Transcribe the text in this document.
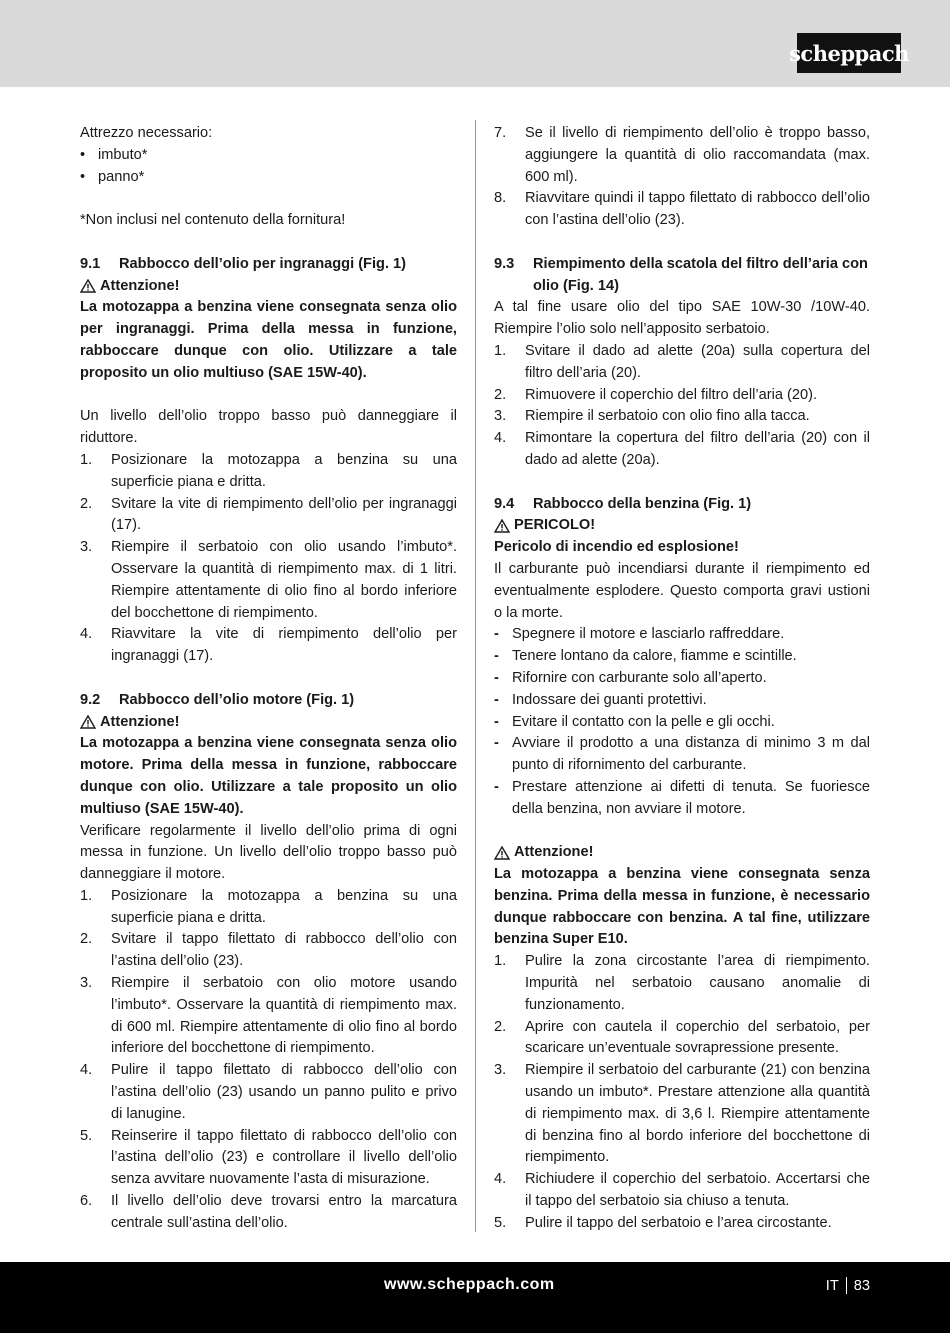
scheppach
Attrezzo necessario:
• imbuto*
• panno*
*Non inclusi nel contenuto della fornitura!
9.1	Rabbocco dell’olio per ingranaggi (Fig. 1)
Attenzione!
La motozappa a benzina viene consegnata senza olio per ingranaggi. Prima della messa in funzione, rabboccare dunque con olio. Utilizzare a tale proposito un olio multiuso (SAE 15W-40).
Un livello dell’olio troppo basso può danneggiare il riduttore.
1.	Posizionare la motozappa a benzina su una superficie piana e dritta.
2.	Svitare la vite di riempimento dell’olio per ingranaggi (17).
3.	Riempire il serbatoio con olio usando l’imbuto*. Osservare la quantità di riempimento max. di 1 litri. Riempire attentamente di olio fino al bordo inferiore del bocchettone di riempimento.
4.	Riavvitare la vite di riempimento dell’olio per ingranaggi (17).
9.2	Rabbocco dell’olio motore (Fig. 1)
Attenzione!
La motozappa a benzina viene consegnata senza olio motore. Prima della messa in funzione, rabboccare dunque con olio. Utilizzare a tale proposito un olio multiuso (SAE 15W-40).
Verificare regolarmente il livello dell’olio prima di ogni messa in funzione. Un livello dell’olio troppo basso può danneggiare il motore.
1.	Posizionare la motozappa a benzina su una superficie piana e dritta.
2.	Svitare il tappo filettato di rabbocco dell’olio con l’astina dell’olio (23).
3.	Riempire il serbatoio con olio motore usando l’imbuto*. Osservare la quantità di riempimento max. di 600 ml. Riempire attentamente di olio fino al bordo inferiore del bocchettone di riempimento.
4.	Pulire il tappo filettato di rabbocco dell’olio con l’astina dell’olio (23) usando un panno pulito e privo di lanugine.
5.	Reinserire il tappo filettato di rabbocco dell’olio con l’astina dell’olio (23) e controllare il livello dell’olio senza avvitare nuovamente l’asta di misurazione.
6.	Il livello dell’olio deve trovarsi entro la marcatura centrale sull’astina dell’olio.
7.	Se il livello di riempimento dell’olio è troppo basso, aggiungere la quantità di olio raccomandata (max. 600 ml).
8.	Riavvitare quindi il tappo filettato di rabbocco dell’olio con l’astina dell’olio (23).
9.3	Riempimento della scatola del filtro dell’aria con olio (Fig. 14)
A tal fine usare olio del tipo SAE 10W-30 /10W-40. Riempire l’olio solo nell’apposito serbatoio.
1.	Svitare il dado ad alette (20a) sulla copertura del filtro dell’aria (20).
2.	Rimuovere il coperchio del filtro dell’aria (20).
3.	Riempire il serbatoio con olio fino alla tacca.
4.	Rimontare la copertura del filtro dell’aria (20) con il dado ad alette (20a).
9.4	Rabbocco della benzina (Fig. 1)
PERICOLO!
Pericolo di incendio ed esplosione!
Il carburante può incendiarsi durante il riempimento ed eventualmente esplodere. Questo comporta gravi ustioni o la morte.
- Spegnere il motore e lasciarlo raffreddare.
- Tenere lontano da calore, fiamme e scintille.
- Rifornire con carburante solo all’aperto.
- Indossare dei guanti protettivi.
- Evitare il contatto con la pelle e gli occhi.
- Avviare il prodotto a una distanza di minimo 3 m dal punto di rifornimento del carburante.
- Prestare attenzione ai difetti di tenuta. Se fuoriesce della benzina, non avviare il motore.
Attenzione!
La motozappa a benzina viene consegnata senza benzina. Prima della messa in funzione, è necessario dunque rabboccare con benzina. A tal fine, utilizzare benzina Super E10.
1.	Pulire la zona circostante l’area di riempimento. Impurità nel serbatoio causano anomalie di funzionamento.
2.	Aprire con cautela il coperchio del serbatoio, per scaricare un’eventuale sovrapressione presente.
3.	Riempire il serbatoio del carburante (21) con benzina usando un imbuto*. Prestare attenzione alla quantità di riempimento max. di 3,6 l. Riempire attentamente di benzina fino al bordo inferiore del bocchettone di riempimento.
4.	Richiudere il coperchio del serbatoio. Accertarsi che il tappo del serbatoio sia chiuso a tenuta.
5.	Pulire il tappo del serbatoio e l’area circostante.
www.scheppach.com	IT 83
